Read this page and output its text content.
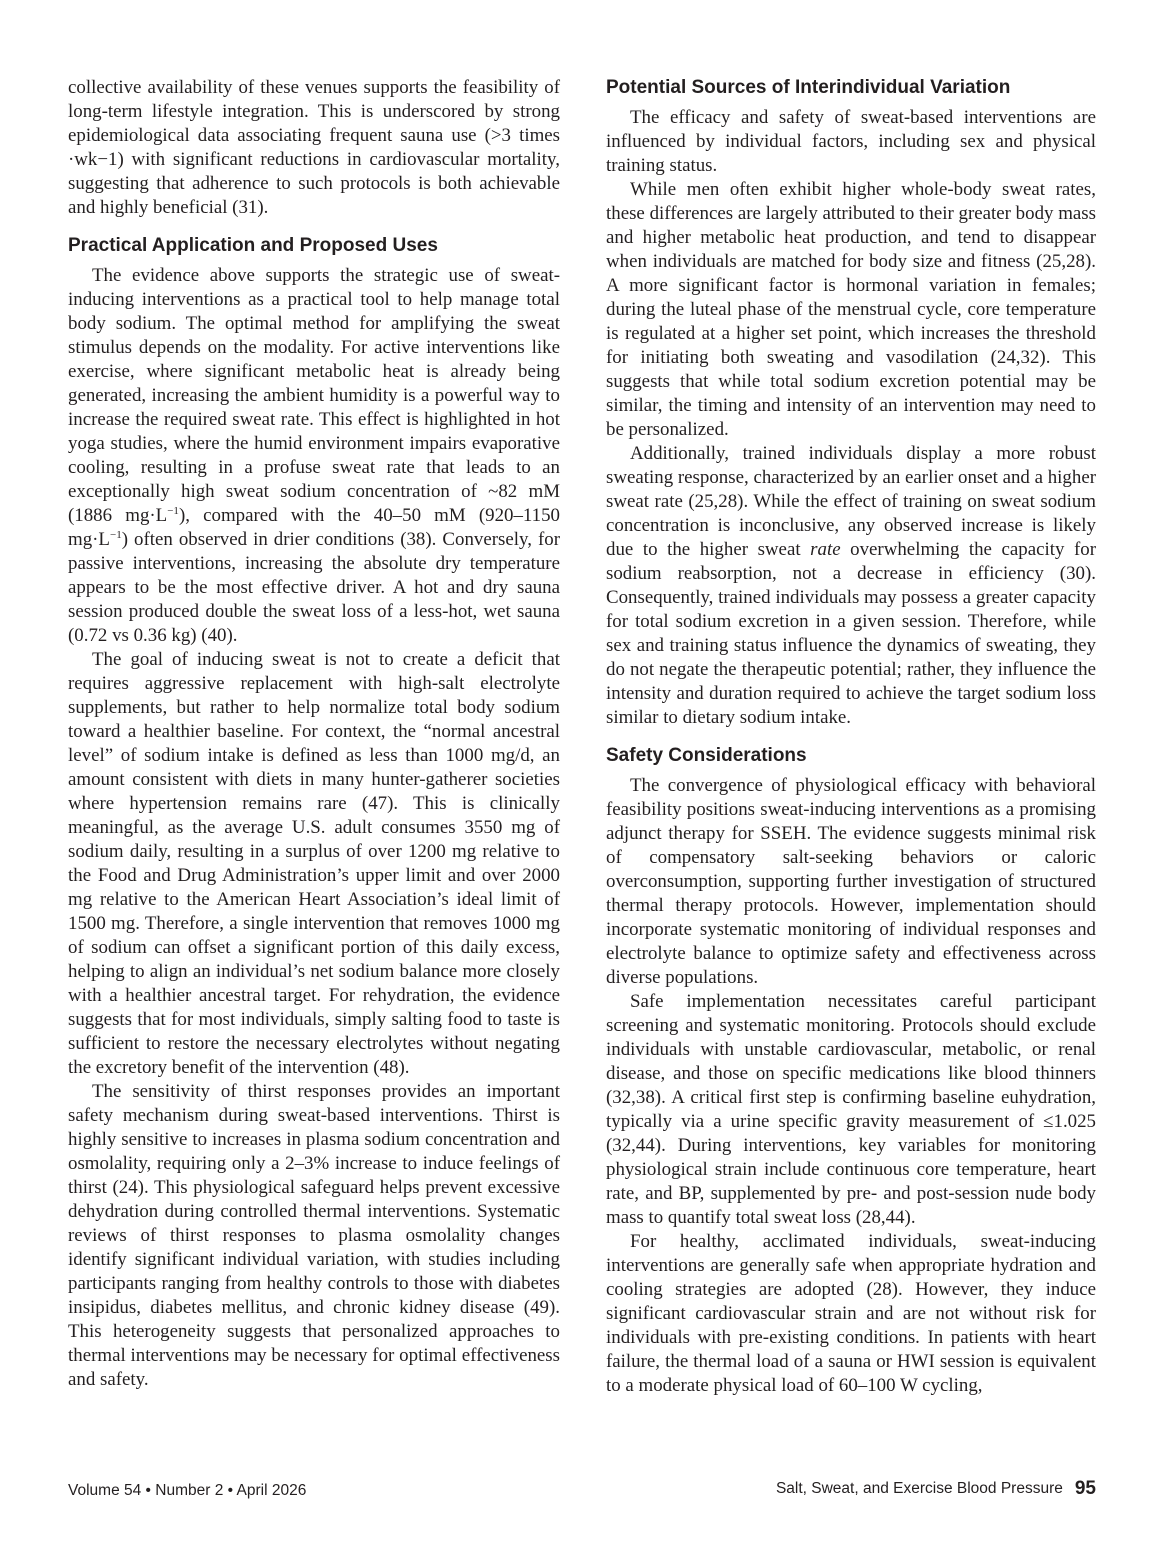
collective availability of these venues supports the feasibility of long-term lifestyle integration. This is underscored by strong epidemiological data associating frequent sauna use (>3 times ·wk−1) with significant reductions in cardiovascular mortality, suggesting that adherence to such protocols is both achievable and highly beneficial (31).

Practical Application and Proposed Uses

The evidence above supports the strategic use of sweat-inducing interventions as a practical tool to help manage total body sodium. The optimal method for amplifying the sweat stimulus depends on the modality. For active interventions like exercise, where significant metabolic heat is already being generated, increasing the ambient humidity is a powerful way to increase the required sweat rate. This effect is highlighted in hot yoga studies, where the humid environment impairs evaporative cooling, resulting in a profuse sweat rate that leads to an exceptionally high sweat sodium concentration of ~82 mM (1886 $mg\cdot L^{-1}$), compared with the 40–50 mM (920–1150 $mg\cdot L^{-1}$) often observed in drier conditions (38). Conversely, for passive interventions, increasing the absolute dry temperature appears to be the most effective driver. A hot and dry sauna session produced double the sweat loss of a less-hot, wet sauna (0.72 vs 0.36 kg) (40).

The goal of inducing sweat is not to create a deficit that requires aggressive replacement with high-salt electrolyte supplements, but rather to help normalize total body sodium toward a healthier baseline. For context, the “normal ancestral level” of sodium intake is defined as less than 1000 mg/d, an amount consistent with diets in many hunter-gatherer societies where hypertension remains rare (47). This is clinically meaningful, as the average U.S. adult consumes 3550 mg of sodium daily, resulting in a surplus of over 1200 mg relative to the Food and Drug Administration’s upper limit and over 2000 mg relative to the American Heart Association’s ideal limit of 1500 mg. Therefore, a single intervention that removes 1000 mg of sodium can offset a significant portion of this daily excess, helping to align an individual’s net sodium balance more closely with a healthier ancestral target. For rehydration, the evidence suggests that for most individuals, simply salting food to taste is sufficient to restore the necessary electrolytes without negating the excretory benefit of the intervention (48).

The sensitivity of thirst responses provides an important safety mechanism during sweat-based interventions. Thirst is highly sensitive to increases in plasma sodium concentration and osmolality, requiring only a 2–3% increase to induce feelings of thirst (24). This physiological safeguard helps prevent excessive dehydration during controlled thermal interventions. Systematic reviews of thirst responses to plasma osmolality changes identify significant individual variation, with studies including participants ranging from healthy controls to those with diabetes insipidus, diabetes mellitus, and chronic kidney disease (49). This heterogeneity suggests that personalized approaches to thermal interventions may be necessary for optimal effectiveness and safety.

Potential Sources of Interindividual Variation

The efficacy and safety of sweat-based interventions are influenced by individual factors, including sex and physical training status.

While men often exhibit higher whole-body sweat rates, these differences are largely attributed to their greater body mass and higher metabolic heat production, and tend to disappear when individuals are matched for body size and fitness (25,28). A more significant factor is hormonal variation in females; during the luteal phase of the menstrual cycle, core temperature is regulated at a higher set point, which increases the threshold for initiating both sweating and vasodilation (24,32). This suggests that while total sodium excretion potential may be similar, the timing and intensity of an intervention may need to be personalized.

Additionally, trained individuals display a more robust sweating response, characterized by an earlier onset and a higher sweat rate (25,28). While the effect of training on sweat sodium concentration is inconclusive, any observed increase is likely due to the higher sweat rate overwhelming the capacity for sodium reabsorption, not a decrease in efficiency (30). Consequently, trained individuals may possess a greater capacity for total sodium excretion in a given session. Therefore, while sex and training status influence the dynamics of sweating, they do not negate the therapeutic potential; rather, they influence the intensity and duration required to achieve the target sodium loss similar to dietary sodium intake.

Safety Considerations

The convergence of physiological efficacy with behavioral feasibility positions sweat-inducing interventions as a promising adjunct therapy for SSEH. The evidence suggests minimal risk of compensatory salt-seeking behaviors or caloric overconsumption, supporting further investigation of structured thermal therapy protocols. However, implementation should incorporate systematic monitoring of individual responses and electrolyte balance to optimize safety and effectiveness across diverse populations.

Safe implementation necessitates careful participant screening and systematic monitoring. Protocols should exclude individuals with unstable cardiovascular, metabolic, or renal disease, and those on specific medications like blood thinners (32,38). A critical first step is confirming baseline euhydration, typically via a urine specific gravity measurement of ≤1.025 (32,44). During interventions, key variables for monitoring physiological strain include continuous core temperature, heart rate, and BP, supplemented by pre- and post-session nude body mass to quantify total sweat loss (28,44).

For healthy, acclimated individuals, sweat-inducing interventions are generally safe when appropriate hydration and cooling strategies are adopted (28). However, they induce significant cardiovascular strain and are not without risk for individuals with pre-existing conditions. In patients with heart failure, the thermal load of a sauna or HWI session is equivalent to a moderate physical load of 60–100 W cycling,

Volume 54 • Number 2 • April 2026	Salt, Sweat, and Exercise Blood Pressure 95
